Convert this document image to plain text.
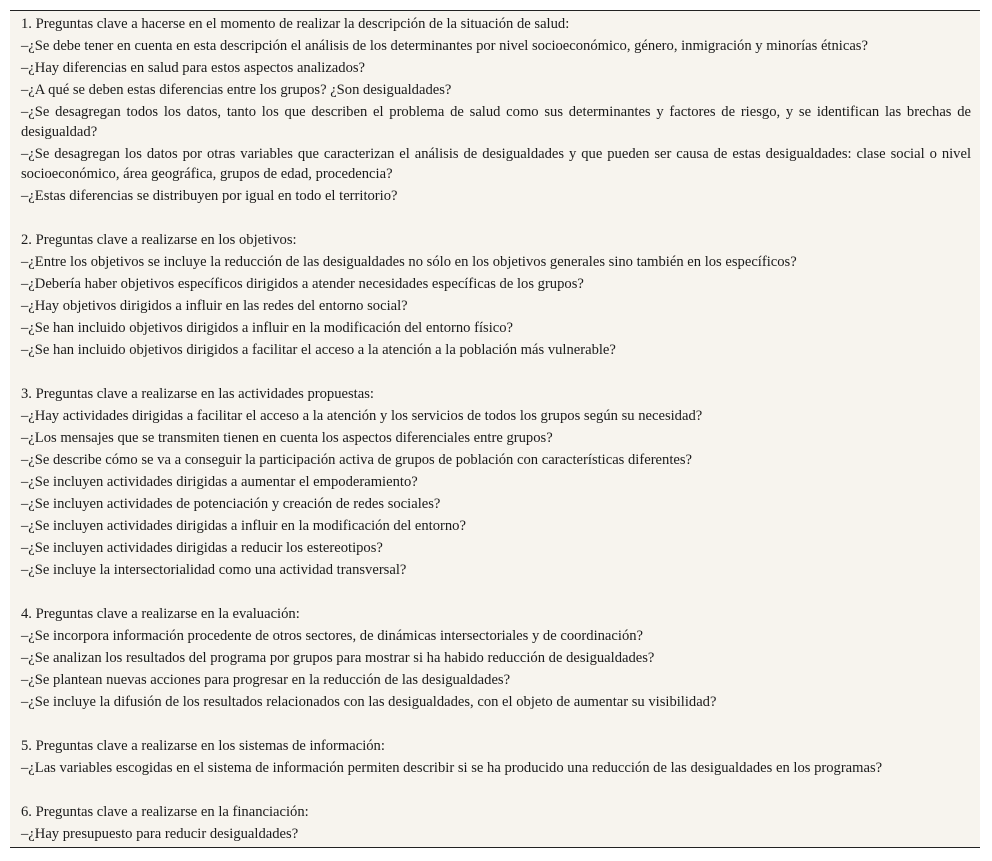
1. Preguntas clave a hacerse en el momento de realizar la descripción de la situación de salud:
–¿Se debe tener en cuenta en esta descripción el análisis de los determinantes por nivel socioeconómico, género, inmigración y minorías étnicas?
–¿Hay diferencias en salud para estos aspectos analizados?
–¿A qué se deben estas diferencias entre los grupos? ¿Son desigualdades?
–¿Se desagregan todos los datos, tanto los que describen el problema de salud como sus determinantes y factores de riesgo, y se identifican las brechas de desigualdad?
–¿Se desagregan los datos por otras variables que caracterizan el análisis de desigualdades y que pueden ser causa de estas desigualdades: clase social o nivel socioeconómico, área geográfica, grupos de edad, procedencia?
–¿Estas diferencias se distribuyen por igual en todo el territorio?
2. Preguntas clave a realizarse en los objetivos:
–¿Entre los objetivos se incluye la reducción de las desigualdades no sólo en los objetivos generales sino también en los específicos?
–¿Debería haber objetivos específicos dirigidos a atender necesidades específicas de los grupos?
–¿Hay objetivos dirigidos a influir en las redes del entorno social?
–¿Se han incluido objetivos dirigidos a influir en la modificación del entorno físico?
–¿Se han incluido objetivos dirigidos a facilitar el acceso a la atención a la población más vulnerable?
3. Preguntas clave a realizarse en las actividades propuestas:
–¿Hay actividades dirigidas a facilitar el acceso a la atención y los servicios de todos los grupos según su necesidad?
–¿Los mensajes que se transmiten tienen en cuenta los aspectos diferenciales entre grupos?
–¿Se describe cómo se va a conseguir la participación activa de grupos de población con características diferentes?
–¿Se incluyen actividades dirigidas a aumentar el empoderamiento?
–¿Se incluyen actividades de potenciación y creación de redes sociales?
–¿Se incluyen actividades dirigidas a influir en la modificación del entorno?
–¿Se incluyen actividades dirigidas a reducir los estereotipos?
–¿Se incluye la intersectorialidad como una actividad transversal?
4. Preguntas clave a realizarse en la evaluación:
–¿Se incorpora información procedente de otros sectores, de dinámicas intersectoriales y de coordinación?
–¿Se analizan los resultados del programa por grupos para mostrar si ha habido reducción de desigualdades?
–¿Se plantean nuevas acciones para progresar en la reducción de las desigualdades?
–¿Se incluye la difusión de los resultados relacionados con las desigualdades, con el objeto de aumentar su visibilidad?
5. Preguntas clave a realizarse en los sistemas de información:
–¿Las variables escogidas en el sistema de información permiten describir si se ha producido una reducción de las desigualdades en los programas?
6. Preguntas clave a realizarse en la financiación:
–¿Hay presupuesto para reducir desigualdades?
